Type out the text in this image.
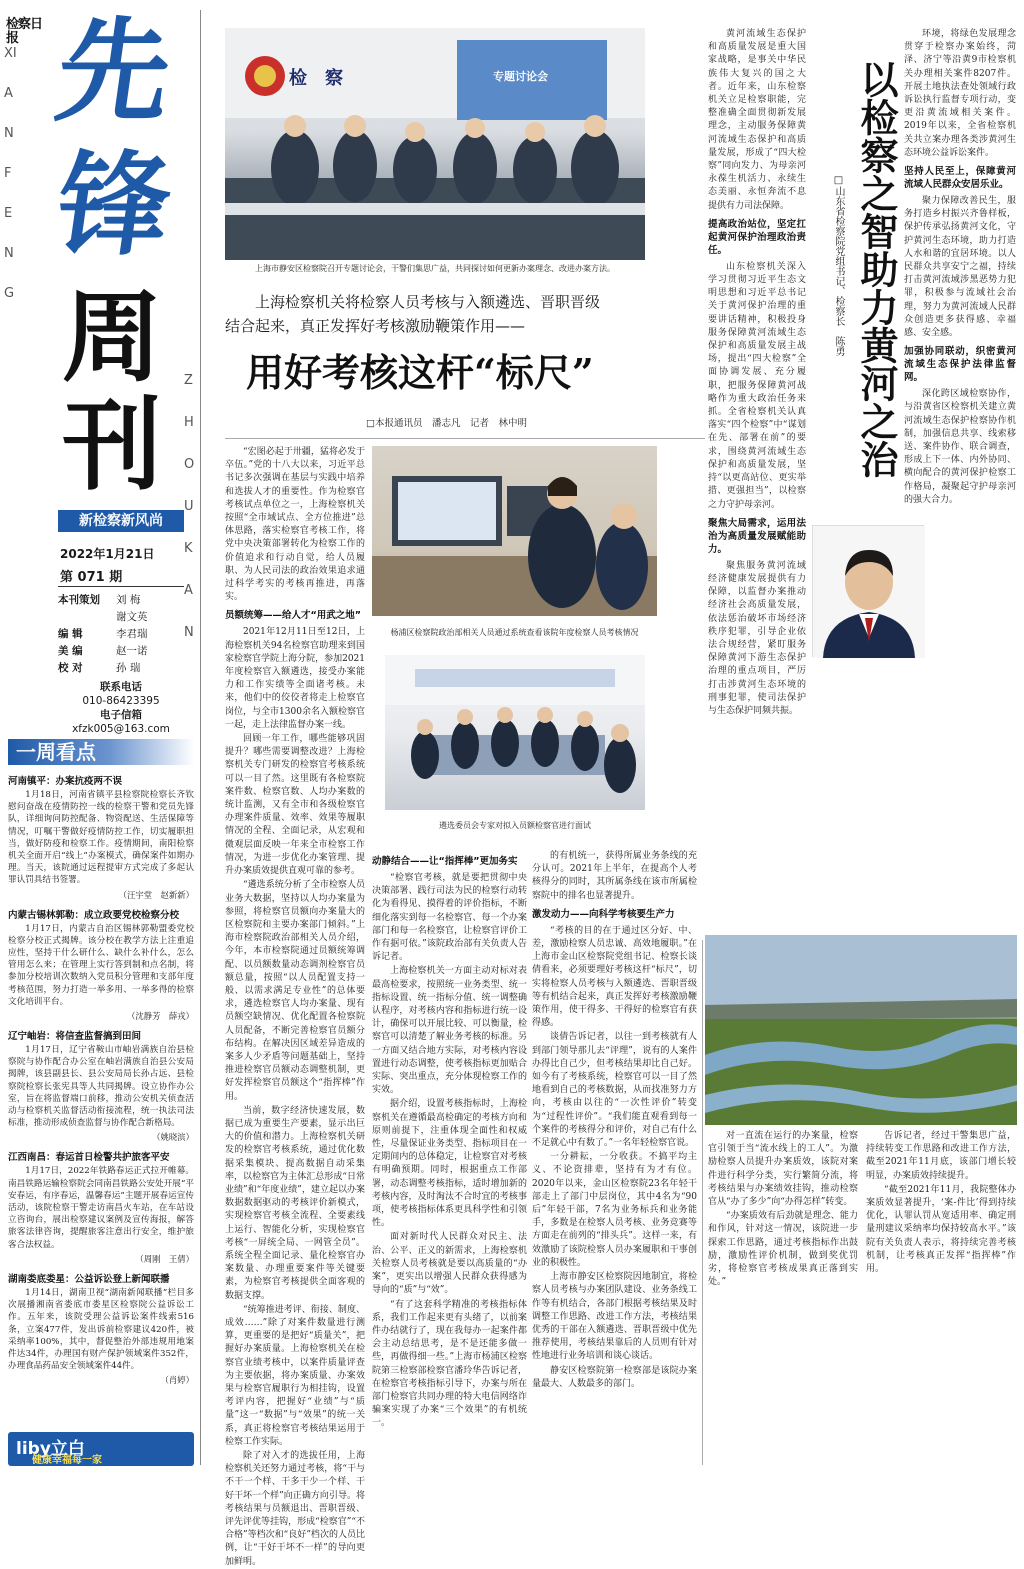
检察日报 先
锋
周
刊
XIANFENG
ZHOUKAN
新检察新风尚
2022年1月21日
第 071 期
本刊策划 刘 梅
谢文英
编 辑	李君瑞
美 编	赵一诺
校 对	孙 瑞
联系电话
010-86423395
电子信箱
xfzk005@163.com
一周看点
河南镇平：办案抗疫两不误
1月18日，河南省镇平县检察院检察长齐钦慰问奋战在疫情防控一线的检察干警和党员先锋队，详细询问防控配备、物资配送、生活保障等情况，叮嘱干警做好疫情防控工作，切实履职担当，做好防疫和检察工作。疫情期间，南阳检察机关全面开启“线上”办案模式，确保案件如期办理。当天，该院通过远程提审方式完成了多起认罪认罚具结书签署。
（汪宇堂　赵新新）
内蒙古锡林郭勒：成立政要党校检察分校
1月17日，内蒙古自治区锡林郭勒盟委党校检察分校正式揭牌。该分校在教学方法上注重追应性，坚持干什么研什么、缺什么补什么，怎么管用怎么来；在管理上实行答到制和点名制，将参加分校培训次数纳入党员积分管理和支部年度考核范围，努力打造一举多用、一举多得的检察文化培训平台。
（沈静芳　薛戎）
辽宁岫岩：将信查监督搞到田间
1月17日，辽宁省鞍山市岫岩满族自治县检察院与协作配合办公室在岫岩满族自治县公安局揭牌，该县副县长、县公安局局长孙占远、县检察院检察长张宪具等人共同揭牌。设立协作办公室，旨在将监督端口前移，推动公安机关侦查活动与检察机关监督活动衔接流程，统一执法司法标准，推动形成侦查监督与协作配合新格局。
（姚晓滨）
江西南昌：春运首日检警共护旅客平安
1月17日，2022年铁路春运正式拉开帷幕。南昌铁路运输检察院会同南昌铁路公安处开展“平安春运，有序春运，温馨春运”主题开展春运宣传活动，该院检察干警走访南昌火车站，在车站设立咨询台，展出检察建议案例及宣传海报，解答旅客法律咨询，提醒旅客注意出行安全，维护旅客合法权益。
（周刚　王倩）
湖南娄底娄星：公益诉讼登上新闻联播
1月14日，湖南卫视“湖南新闻联播”栏目多次展播湘南省娄底市娄星区检察院公益诉讼工作。五年来，该院受理公益诉讼案件线索516条，立案477件，发出诉前检察建议420件，被采纳率100%，其中，督促整治外部违规用地案件达34件，办理国有财产保护领域案件352件，办理食品药品安全领域案件44件。
（肖婷）
liby立白
健康幸福每一家
检　察	专题讨论会
上海市静安区检察院召开专题讨论会，干警们集思广益，共同探讨如何更新办案理念、改进办案方法。
上海检察机关将检察人员考核与入额遴选、晋职晋级
结合起来，真正发挥好考核激励鞭策作用——
用好考核这杆“标尺”
□本报通讯员　潘志凡　记者　林中明

“宏图必起于卅疆，猛将必发于卒伍。”党的十八大以来，习近平总书记多次强调在基层与实践中培养和选拔人才的重要性。作为检察官考核试点单位之一，上海检察机关按照“全市域试点、全方位推进”总体思路，落实检察官考核工作，将党中央决策部署转化为检察工作的价值追求和行动自觉，给人员履职、为人民司法的政治效果追求通过科学考实的考核再推进，再落实。

员额统筹——给人才“用武之地”

2021年12月11日至12日，上海检察机关94名检察官助理来到国家检察官学院上海分院，参加2021年度检察官入额遴选，接受办案能力和工作实绩等全面诸考核。未来，他们中的佼佼者将走上检察官岗位，与全市1300余名入额检察官一起，走上法律监督办案一线。

回顾一年工作，哪些能够巩固提升？哪些需要调整改进？上海检察机关专门研发的检察官考核系统可以一目了然。这里既有各检察院案件数、检察官数、人均办案数的统计监测，又有全市和各级检察官办理案件质量、效率、效果等履职情况的全程、全面记录，从宏观和微观层面反映一年来全市检察工作情况，为进一步优化办案管理、提升办案质效提供直观可靠的参考。

“遴选系统分析了全市检察人员业务大数据，坚持以人均办案量为参照，将检察官员额向办案量大的区检察院和主要办案部门倾斜。”上海市检察院政治部相关人员介绍，今年，本市检察院通过员额统筹调配、以员额数量动态调剂检察官员额总量，按照“以人员配置支持一般、以需求满足专业性”的总体要求，遴选检察官人均办案量、现有员额空缺情况、优化配置各检察院人员配备，不断完善检察官员额分布结构。在解决因区域差异造成的案多人少矛盾等问题基础上，坚持推进检察官员额动态调整机制，更好发挥检察官员额这个“指挥棒”作用。

当前，数字经济快速发展，数据已成为重要生产要素，显示出巨大的价值和潜力。上海检察机关研发的检察官考核系统，通过优化数据采集模块、提高数据自动采集率，以检察官为主体汇总形成“日常业绩”和“年度业绩”，建立起以办案数据数据驱动的考核评价新模式，实现检察官考核全流程、全要素线上运行、智能化分析，实现检察官考核“一屏统全局、一网管全员”。系统全程全面记录、量化检察官办案数量、办理重要案件等关键要素，为检察官考核提供全面客观的数据支撑。

“统筹推进考评、衔接、制度、成效……”除了对案件数量进行测算，更重要的是把好“质量关”，把握好办案质量。上海检察机关在检察官业绩考核中，以案件质量评查为主要依据，将办案质量、办案效果与检察官履职行为相挂钩，设置考评内容，把握好“业绩”与“质量”这一“数据”与“效果”的统一关系，真正将检察官考核结果运用于检察工作实际。

除了对入才的选拔任用，上海检察机关还努力通过考核，将“干与不干一个样、干多干少一个样、干好干坏一个样”向正确方向引导。将考核结果与员额退出、晋职晋级、评先评优等挂钩，形成“检察官”“不合格”等档次和“良好”档次的人员比例，让“干好干坏不一样”的导向更加鲜明。

杨浦区检察院政治部相关人员通过系统查看该院年度检察人员考核情况
遴选委员会专家对拟入员额检察官进行面试
动静结合——让“指挥棒”更加务实

“检察官考核，就是要把贯彻中央决策部署、践行司法为民的检察行动转化为看得见、摸得着的评价指标，不断细化落实到每一名检察官、每一个办案部门和每一名检察官，让检察官评价工作有据可依。”该院政治部有关负责人告诉记者。

上海检察机关一方面主动对标对表最高检要求，按照统一业务类型、统一指标设置、统一指标分值、统一调整确认程序，对考核内容和指标进行统一设计，确保可以开展比较、可以衡量，检察官可以清楚了解业务考核的标准。另一方面又结合地方实际，对考核内容设置进行动态调整，使考核指标更加贴合实际、突出重点，充分体现检察工作的实效。

据介绍，设置考核指标时，上海检察机关在遵循最高检确定的考核方向和原则前提下，注重体现全面性和权威性，尽量保证业务类型、指标项目在一定期间内的总体稳定，让检察官对考核有明确预期。同时，根据重点工作部署，动态调整考核指标，适时增加新的考核内容，及时淘汰不合时宜的考核事项，使考核指标体系更具科学性和引领性。

面对新时代人民群众对民主、法治、公平、正义的新需求，上海检察机关检察人员考核就是要以高质量的“办案”，更实出以增强人民群众获得感为导向的“质”与“效”。

“有了这套科学精准的考核指标体系，我们工作起来更有头绪了，以前案件办结就行了，现在我每办一起案件都会主动总结思考，是不是还能多做一些，再做得细一些。”上海市杨浦区检察院第三检察部检察官潘玲华告诉记者，在检察官考核指标引导下，办案与所在部门检察官共同办理的特大电信网络诈骗案实现了办案“三个效果”的有机统一。

的有机统一，获得所属业务条线的充分认可。2021年上半年，在提高个人考核得分的同时，其所属条线在该市所属检察院中的排名也显著提升。

激发动力——向科学考核要生产力

“考核的目的在于通过区分好、中、差，激励检察人员忠诚、高效地履职。”在上海市金山区检察院党组书记、检察长谈倩看来，必须要理好考核这杆“标尺”，切实将检察人员考核与入额遴选、晋职晋级等有机结合起来，真正发挥好考核激励鞭策作用，使干得多、干得好的检察官有获得感。

谈倩告诉记者，以往一到考核就有人到部门领导那儿去“评理”，说有的人案件办得比自己少，但考核结果却比自己好。如今有了考核系统，检察官可以一目了然地看到自己的考核数据，从而找准努力方向，考核由以往的“一次性评价”转变为“过程性评价”。“我们能直观看到每一个案件的考核得分和评价，对自己有什么不足就心中有数了。”一名年轻检察官说。

一分耕耘，一分收获。不搞平均主义、不论资排辈，坚持有为才有位。2020年以来，金山区检察院23名年轻干部走上了部门中层岗位，其中4名为“90后”年轻干部，7名为业务标兵和业务能手，多数是在检察人员考核、业务竞赛等方面走在前列的“排头兵”。这样一来，有效激励了该院检察人员办案履职和干事创业的积极性。

上海市静安区检察院因地制宜，将检察人员考核与办案团队建设、业务条线工作等有机结合，各部门根据考核结果及时调整工作思路、改进工作方法，考核结果优秀的干部在入额遴选、晋职晋级中优先推荐使用，考核结果靠后的人员则有针对性地进行业务培训和谈心谈话。

静安区检察院第一检察部是该院办案量最大、人数最多的部门。

以检察之智助力黄河之治
□山东省检察院党组书记、检察长　陈勇

黄河流域生态保护和高质量发展是重大国家战略，是事关中华民族伟大复兴的国之大者。近年来，山东检察机关立足检察职能，完整准确全面贯彻新发展理念，主动服务保障黄河流域生态保护和高质量发展，形成了“四大检察”同向发力、为母亲河永葆生机活力、永续生态美丽、永恒奔流不息提供有力司法保障。

提高政治站位，坚定扛起黄河保护治理政治责任。

山东检察机关深入学习贯彻习近平生态文明思想和习近平总书记关于黄河保护治理的重要讲话精神，积极投身服务保障黄河流域生态保护和高质量发展主战场，提出“四大检察”全面协调发展、充分履职，把服务保障黄河战略作为重大政治任务来抓。全省检察机关认真落实“四个检察”中“谋划在先、部署在前”的要求，围绕黄河流域生态保护和高质量发展，坚持“以更高站位、更实举措、更强担当”，以检察之力守护母亲河。

聚焦大局需求，运用法治为高质量发展赋能助力。

聚焦服务黄河流域经济健康发展提供有力保障，以监督办案推动经济社会高质量发展，依法惩治破坏市场经济秩序犯罪，引导企业依法合规经营，紧盯服务保障黄河下游生态保护治理的重点项目，严厉打击涉黄河生态环境的刑事犯罪，使司法保护与生态保护同频共振。

环境，将绿色发展理念贯穿于检察办案始终，菏泽、济宁等沿黄9市检察机关办理相关案件8207件。开展土地执法查处领域行政诉讼执行监督专项行动，变更沿黄流域相关案件。2019年以来，全省检察机关共立案办理各类涉黄河生态环境公益诉讼案件。

坚持人民至上，保障黄河流域人民群众安居乐业。

聚力保障改善民生，服务打造乡村振兴齐鲁样板，保护传承弘扬黄河文化，守护黄河生态环境，助力打造人水和谐的宜居环境。以人民群众共享安宁之福，持续打击黄河流域涉黑恶势力犯罪，积极参与流域社会治理，努力为黄河流域人民群众创造更多获得感、幸福感、安全感。

加强协同联动，织密黄河流域生态保护法律监督网。

深化跨区域检察协作，与沿黄省区检察机关建立黄河流域生态保护检察协作机制，加强信息共享、线索移送、案件协作、联合调查，形成上下一体、内外协同、横向配合的黄河保护检察工作格局，凝聚起守护母亲河的强大合力。

对一直流在运行的办案量，检察官引领于当“流水线上的工人”。为激励检察人员提升办案质效，该院对案件进行科学分类，实行繁简分流，将考核结果与办案绩效挂钩，推动检察官从“办了多少”向“办得怎样”转变。

“办案质效有后劲就是理念、能力和作风，针对这一情况，该院进一步探索工作思路，通过考核指标作出鼓励，激励性评价机制，做到奖优罚劣，将检察官考核成果真正落到实处。”

告诉记者，经过干警集思广益，持续转变工作思路和改进工作方法，截至2021年11月底，该部门增长较明显，办案质效持续提升。

“截至2021年11月，我院整体办案质效显著提升，‘案-件比’得到持续优化，认罪认罚从宽适用率、确定刑量刑建议采纳率均保持较高水平。”该院有关负责人表示，将持续完善考核机制，让考核真正发挥“指挥棒”作用。
